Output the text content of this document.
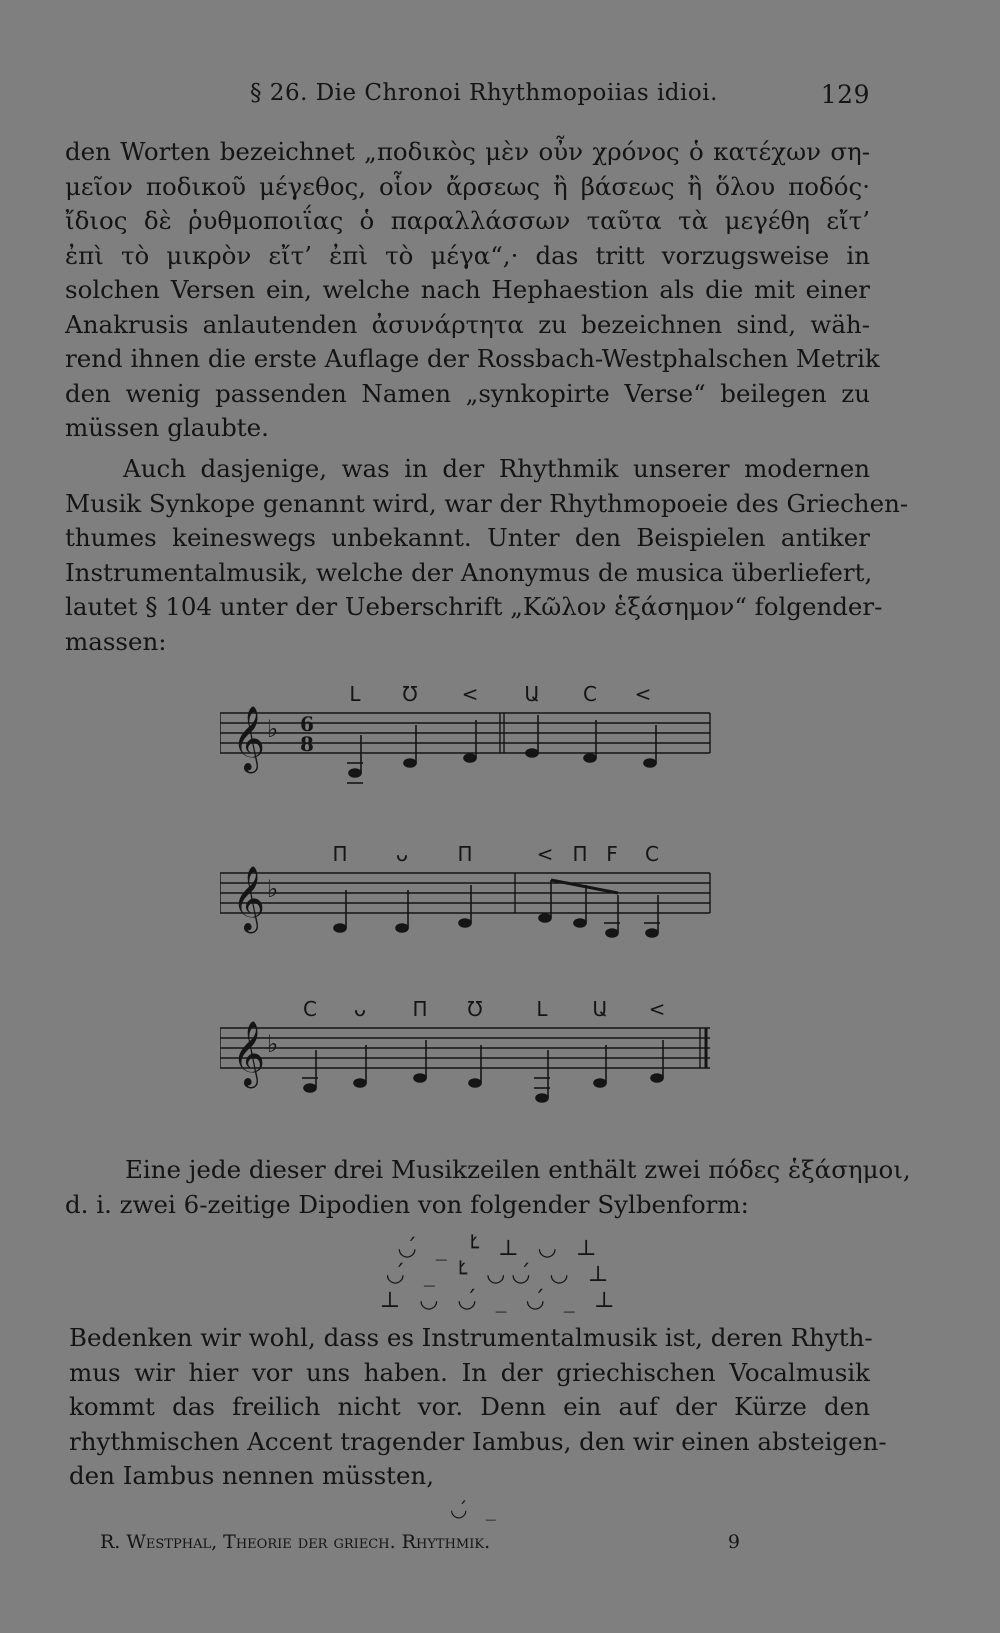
§ 26. Die Chronoi Rhythmopoiias idioi.	129
den Worten bezeichnet „ποδικὸς μὲν οὖν χρόνος ὁ κατέχων ση-
μεῖον ποδικοῦ μέγεθος, οἷον ἄρσεως ἢ βάσεως ἢ ὅλου ποδός·
ἴδιος δὲ ῥυθμοποιΐας ὁ παραλλάσσων ταῦτα τὰ μεγέθη εἴτ’
ἐπὶ τὸ μικρὸν εἴτ’ ἐπὶ τὸ μέγα“,· das tritt vorzugsweise in
solchen Versen ein, welche nach Hephaestion als die mit einer
Anakrusis anlautenden ἀσυνάρτητα zu bezeichnen sind, wäh-
rend ihnen die erste Auflage der Rossbach-Westphalschen Metrik
den wenig passenden Namen „synkopirte Verse“ beilegen zu
müssen glaubte.
Auch dasjenige, was in der Rhythmik unserer modernen
Musik Synkope genannt wird, war der Rhythmopoeie des Griechen-
thumes keineswegs unbekannt. Unter den Beispielen antiker
Instrumentalmusik, welche der Anonymus de musica überliefert,
lautet § 104 unter der Ueberschrift „Κῶλον ἑξάσημον“ folgender-
massen:
L Ʊ < Ա C <
𝄞 ♭ 6
8
Π ᴗ Π	< Π F C
𝄞 ♭
C ᴗ Π Ʊ	L Ա <
𝄞 ♭
Eine jede dieser drei Musikzeilen enthält zwei πόδες ἑξάσημοι,
d. i. zwei 6-zeitige Dipodien von folgender Sylbenform:
◡́ _ └́ ⊥ ◡ ⊥
◡́ _ └́ ◡◡́ ◡ ⊥
⊥ ◡ ◡́ _ ◡́ _ ⊥
Bedenken wir wohl, dass es Instrumentalmusik ist, deren Rhyth-
mus wir hier vor uns haben. In der griechischen Vocalmusik
kommt das freilich nicht vor. Denn ein auf der Kürze den
rhythmischen Accent tragender Iambus, den wir einen absteigen-
den Iambus nennen müssten,
◡́ _
R. Westphal, Theorie der griech. Rhythmik.	9
